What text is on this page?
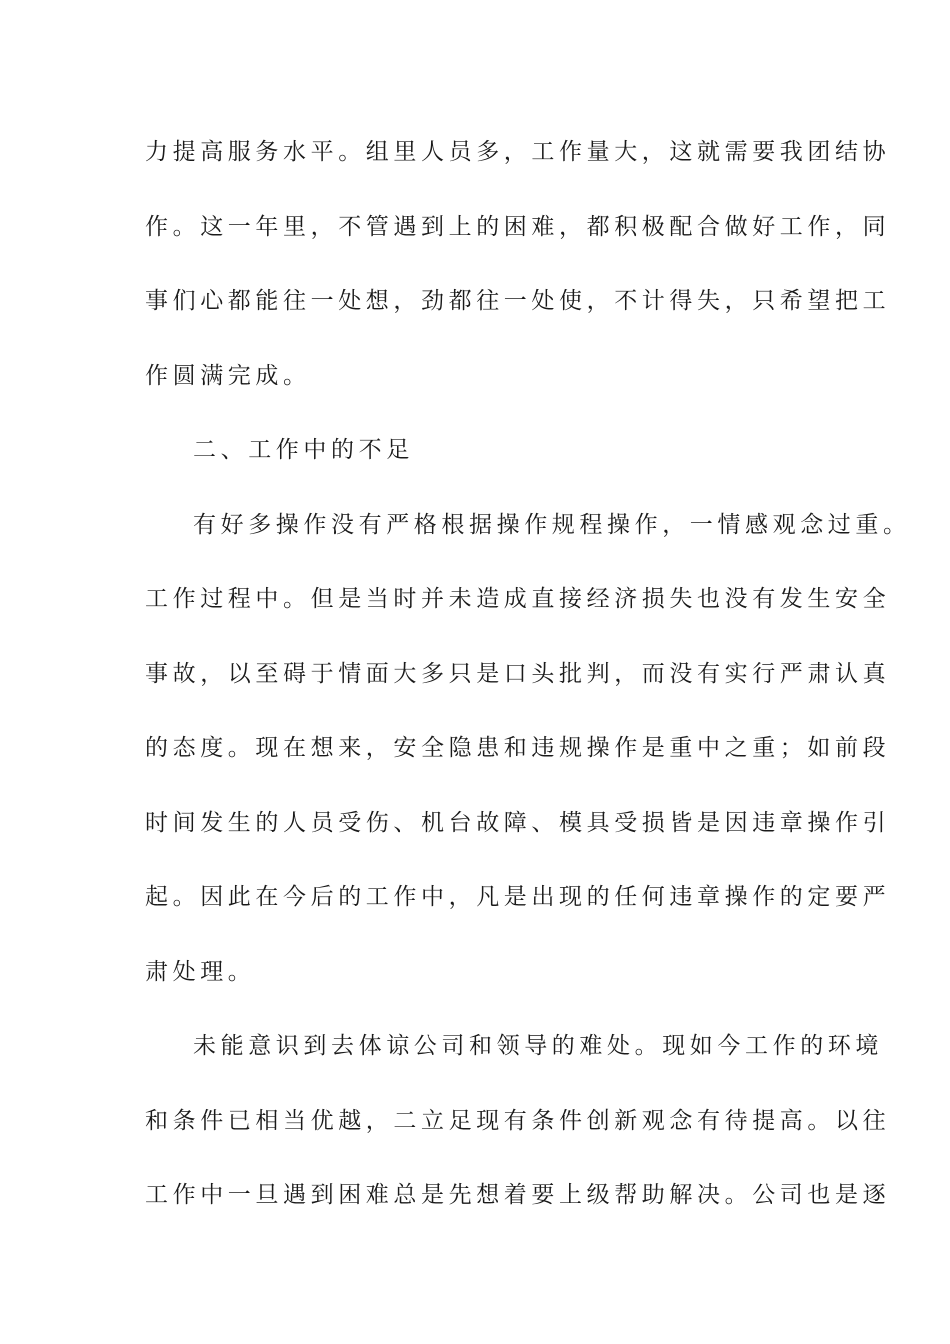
力提高服务水平。组里人员多，工作量大，这就需要我团结协
作。这一年里，不管遇到上的困难，都积极配合做好工作，同
事们心都能往一处想，劲都往一处使，不计得失，只希望把工
作圆满完成。
二、工作中的不足
有好多操作没有严格根据操作规程操作，一情感观念过重。
工作过程中。但是当时并未造成直接经济损失也没有发生安全
事故，以至碍于情面大多只是口头批判，而没有实行严肃认真
的态度。现在想来，安全隐患和违规操作是重中之重；如前段
时间发生的人员受伤、机台故障、模具受损皆是因违章操作引
起。因此在今后的工作中，凡是出现的任何违章操作的定要严
肃处理。
未能意识到去体谅公司和领导的难处。现如今工作的环境
和条件已相当优越，二立足现有条件创新观念有待提高。以往
工作中一旦遇到困难总是先想着要上级帮助解决。公司也是逐
